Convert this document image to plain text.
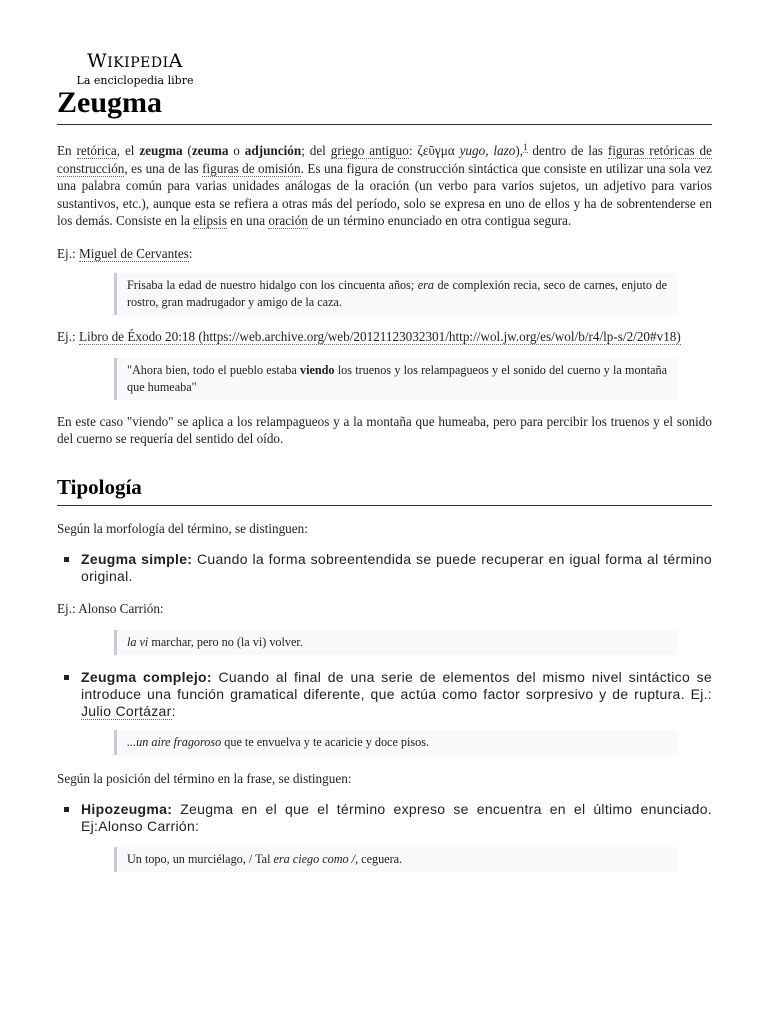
WIKIPEDIA
La enciclopedia libre
Zeugma

En retórica, el zeugma (zeuma o adjunción; del griego antiguo: ζεῦγμα yugo, lazo),$^1$ dentro de las figuras retóricas de construcción, es una de las figuras de omisión. Es una figura de construcción sintáctica que consiste en utilizar una sola vez una palabra común para varias unidades análogas de la oración (un verbo para varios sujetos, un adjetivo para varios sustantivos, etc.), aunque esta se refiera a otras más del período, solo se expresa en uno de ellos y ha de sobrentenderse en los demás. Consiste en la elipsis en una oración de un término enunciado en otra contigua segura.

Ej.: Miguel de Cervantes:

Frisaba la edad de nuestro hidalgo con los cincuenta años; era de complexión recia, seco de carnes, enjuto de rostro, gran madrugador y amigo de la caza.

Ej.: Libro de Éxodo 20:18 (https://web.archive.org/web/20121123032301/http://wol.jw.org/es/wol/b/r4/lp-s/2/20#v18)

"Ahora bien, todo el pueblo estaba viendo los truenos y los relampagueos y el sonido del cuerno y la montaña que humeaba"

En este caso "viendo" se aplica a los relampagueos y a la montaña que humeaba, pero para percibir los truenos y el sonido del cuerno se requería del sentido del oído.

Tipología

Según la morfología del término, se distinguen:

Zeugma simple: Cuando la forma sobreentendida se puede recuperar en igual forma al término original.

Ej.: Alonso Carrión:

la vi marchar, pero no (la vi) volver.
Zeugma complejo: Cuando al final de una serie de elementos del mismo nivel sintáctico se introduce una función gramatical diferente, que actúa como factor sorpresivo y de ruptura. Ej.: Julio Cortázar:
...un aire fragoroso que te envuelva y te acaricie y doce pisos.

Según la posición del término en la frase, se distinguen:

Hipozeugma: Zeugma en el que el término expreso se encuentra en el último enunciado. Ej:Alonso Carrión:
Un topo, un murciélago, / Tal era ciego como /, ceguera.
